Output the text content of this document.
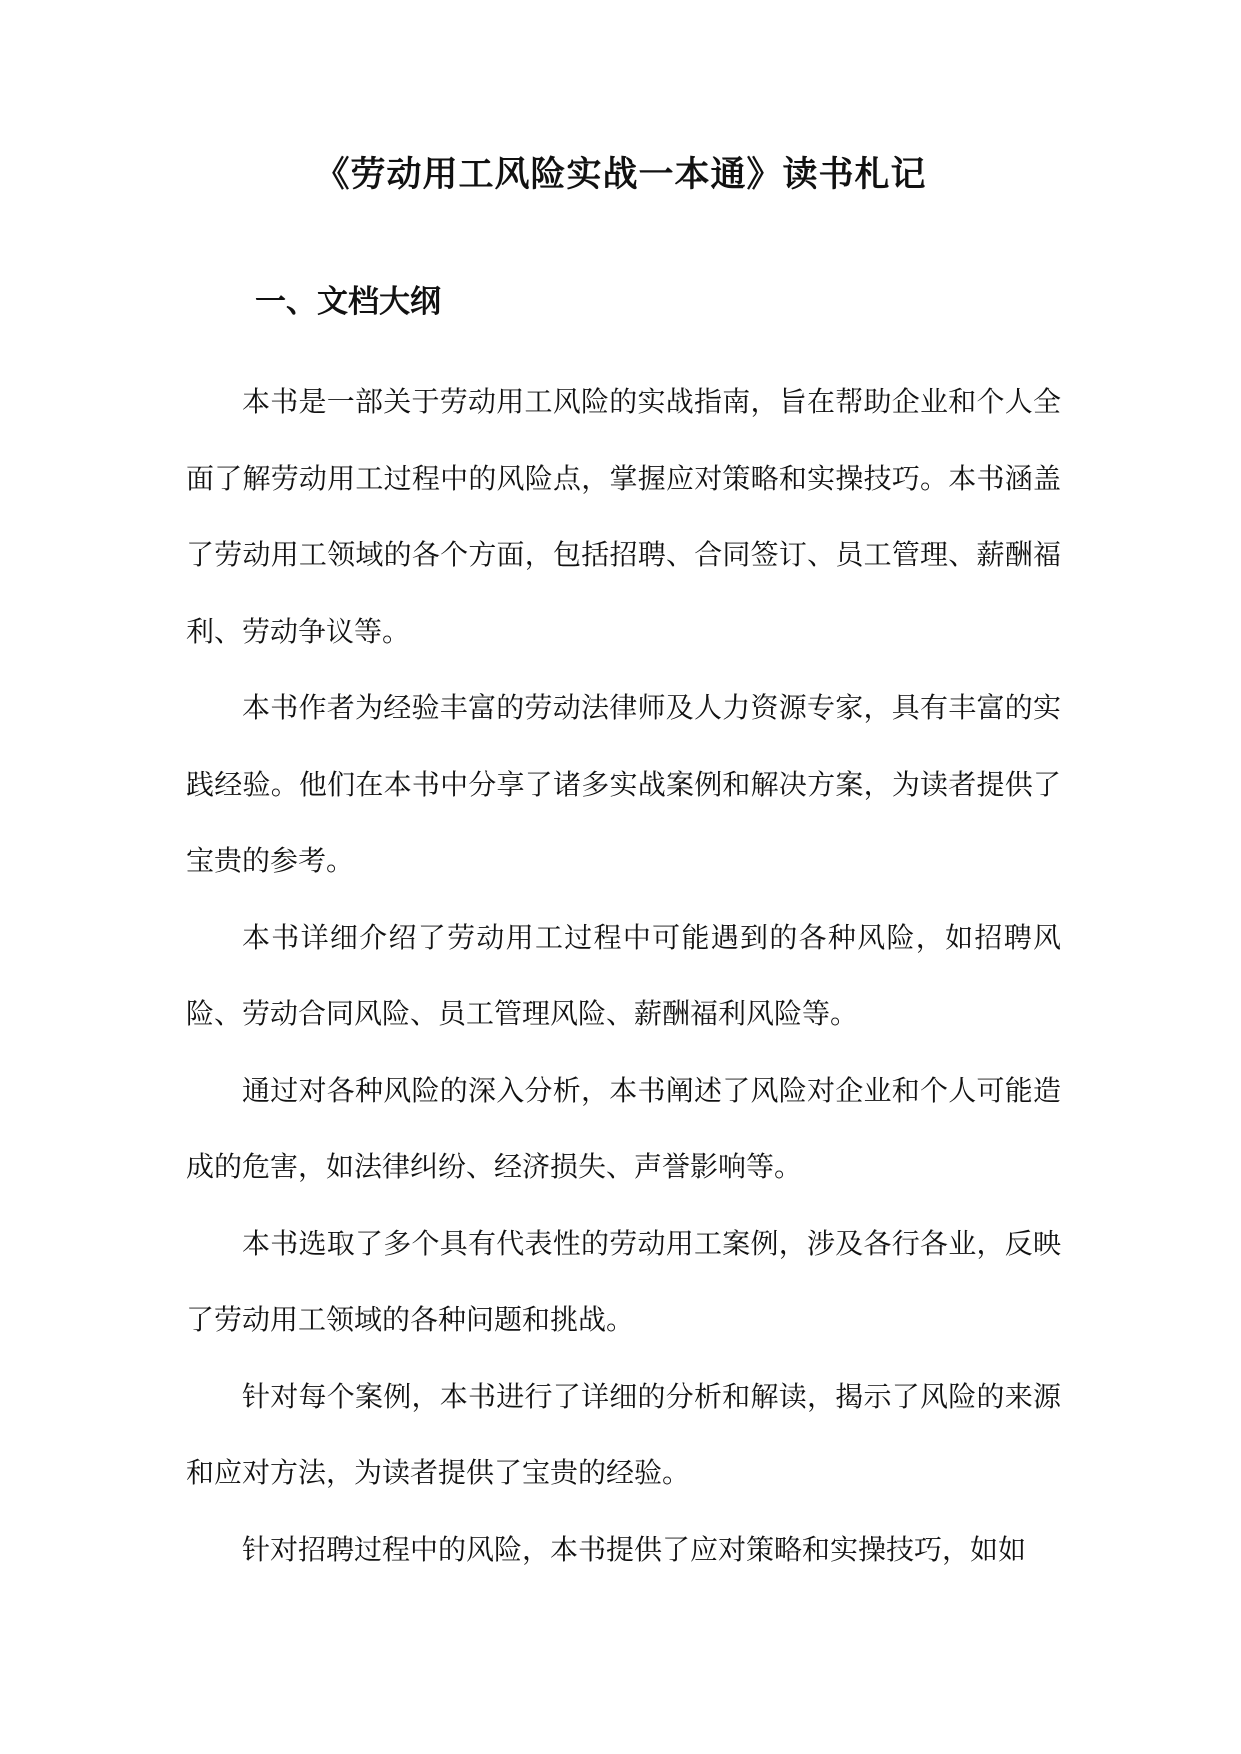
《劳动用工风险实战一本通》读书札记
一、文档大纲

本书是一部关于劳动用工风险的实战指南，旨在帮助企业和个人全面了解劳动用工过程中的风险点，掌握应对策略和实操技巧。本书涵盖了劳动用工领域的各个方面，包括招聘、合同签订、员工管理、薪酬福利、劳动争议等。

本书作者为经验丰富的劳动法律师及人力资源专家，具有丰富的实践经验。他们在本书中分享了诸多实战案例和解决方案，为读者提供了宝贵的参考。

本书详细介绍了劳动用工过程中可能遇到的各种风险，如招聘风险、劳动合同风险、员工管理风险、薪酬福利风险等。

通过对各种风险的深入分析，本书阐述了风险对企业和个人可能造成的危害，如法律纠纷、经济损失、声誉影响等。

本书选取了多个具有代表性的劳动用工案例，涉及各行各业，反映了劳动用工领域的各种问题和挑战。

针对每个案例，本书进行了详细的分析和解读，揭示了风险的来源和应对方法，为读者提供了宝贵的经验。

针对招聘过程中的风险，本书提供了应对策略和实操技巧，如如
